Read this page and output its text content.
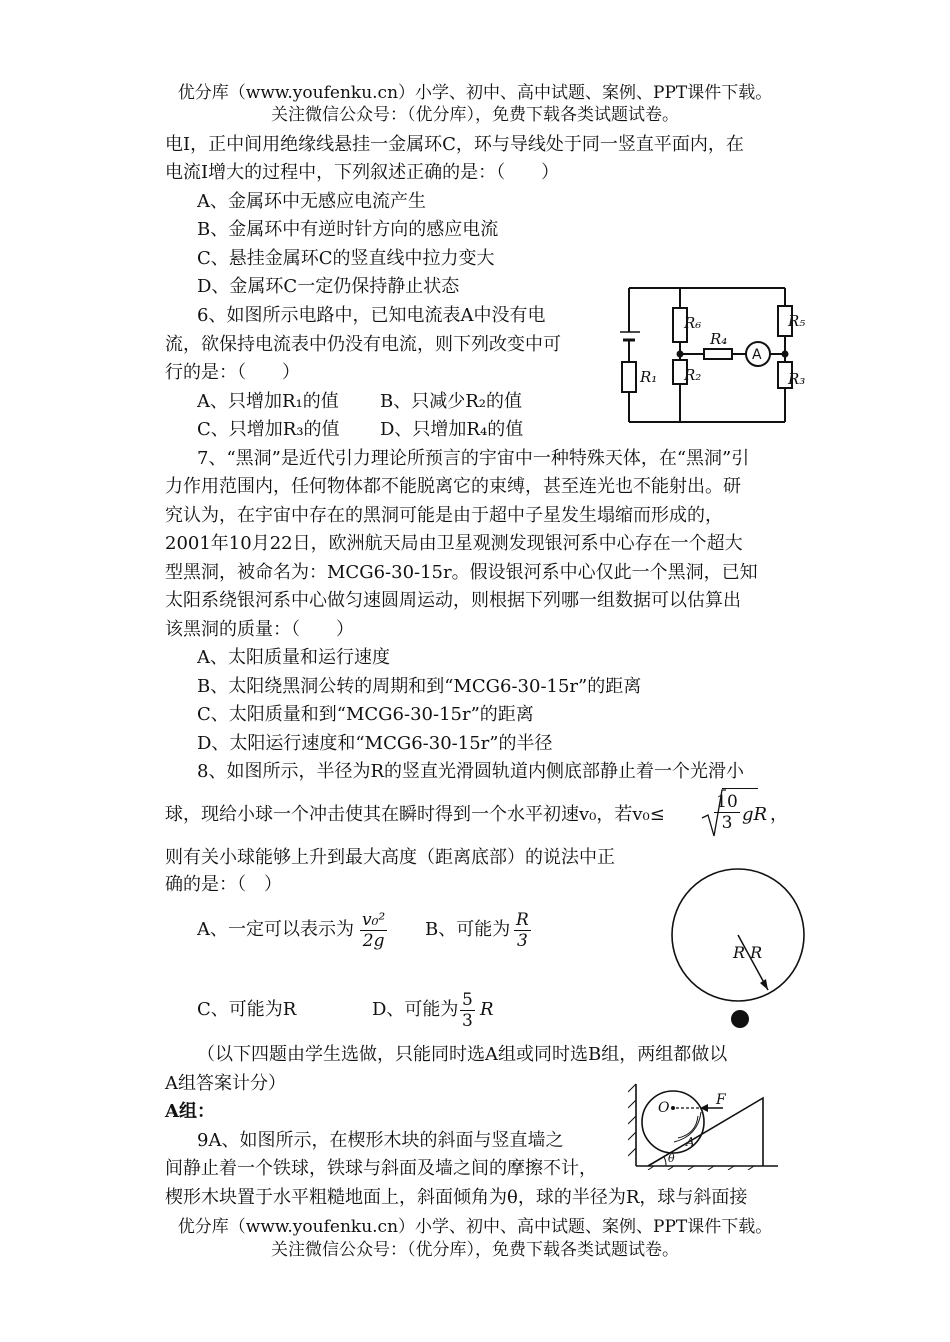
优分库（www.youfenku.cn）小学、初中、高中试题、案例、PPT课件下载。
关注微信公众号：（优分库），免费下载各类试题试卷。
电I，正中间用绝缘线悬挂一金属环C，环与导线处于同一竖直平面内，在
电流I增大的过程中，下列叙述正确的是：（　　）
A、金属环中无感应电流产生
B、金属环中有逆时针方向的感应电流
C、悬挂金属环C的竖直线中拉力变大
D、金属环C一定仍保持静止状态
6、如图所示电路中，已知电流表A中没有电
流，欲保持电流表中仍没有电流，则下列改变中可
行的是：（　　）
A、只增加R₁的值 B、只减少R₂的值
C、只增加R₃的值 D、只增加R₄的值
R₁
R₆
R₂
R₄
R₅
R₃
A
7、“黑洞”是近代引力理论所预言的宇宙中一种特殊天体，在“黑洞”引
力作用范围内，任何物体都不能脱离它的束缚，甚至连光也不能射出。研
究认为，在宇宙中存在的黑洞可能是由于超中子星发生塌缩而形成的，
2001年10月22日，欧洲航天局由卫星观测发现银河系中心存在一个超大
型黑洞，被命名为：MCG6-30-15r。假设银河系中心仅此一个黑洞，已知
太阳系绕银河系中心做匀速圆周运动，则根据下列哪一组数据可以估算出
该黑洞的质量：（　　）
A、太阳质量和运行速度
B、太阳绕黑洞公转的周期和到“MCG6-30-15r”的距离
C、太阳质量和到“MCG6-30-15r”的距离
D、太阳运行速度和“MCG6-30-15r”的半径
8、如图所示，半径为R的竖直光滑圆轨道内侧底部静止着一个光滑小
球，现给小球一个冲击使其在瞬时得到一个水平初速v₀，若v₀≤	$\frac{10}{3}$ gR ，
则有关小球能够上升到最大高度（距离底部）的说法中正
确的是：（　）
A、一定可以表示为 $\frac{\text{v₀²}}{2g}$ B、可能为 $\frac{R}{3}$
C、可能为R	D、可能为 $\frac{5}{3}$ R
R R
（以下四题由学生选做，只能同时选A组或同时选B组，两组都做以
A组答案计分）
A组：
9A、如图所示，在楔形木块的斜面与竖直墙之
间静止着一个铁球，铁球与斜面及墙之间的摩擦不计，
楔形木块置于水平粗糙地面上，斜面倾角为θ，球的半径为R，球与斜面接
O	F
A
θ
优分库（www.youfenku.cn）小学、初中、高中试题、案例、PPT课件下载。
关注微信公众号：（优分库），免费下载各类试题试卷。
